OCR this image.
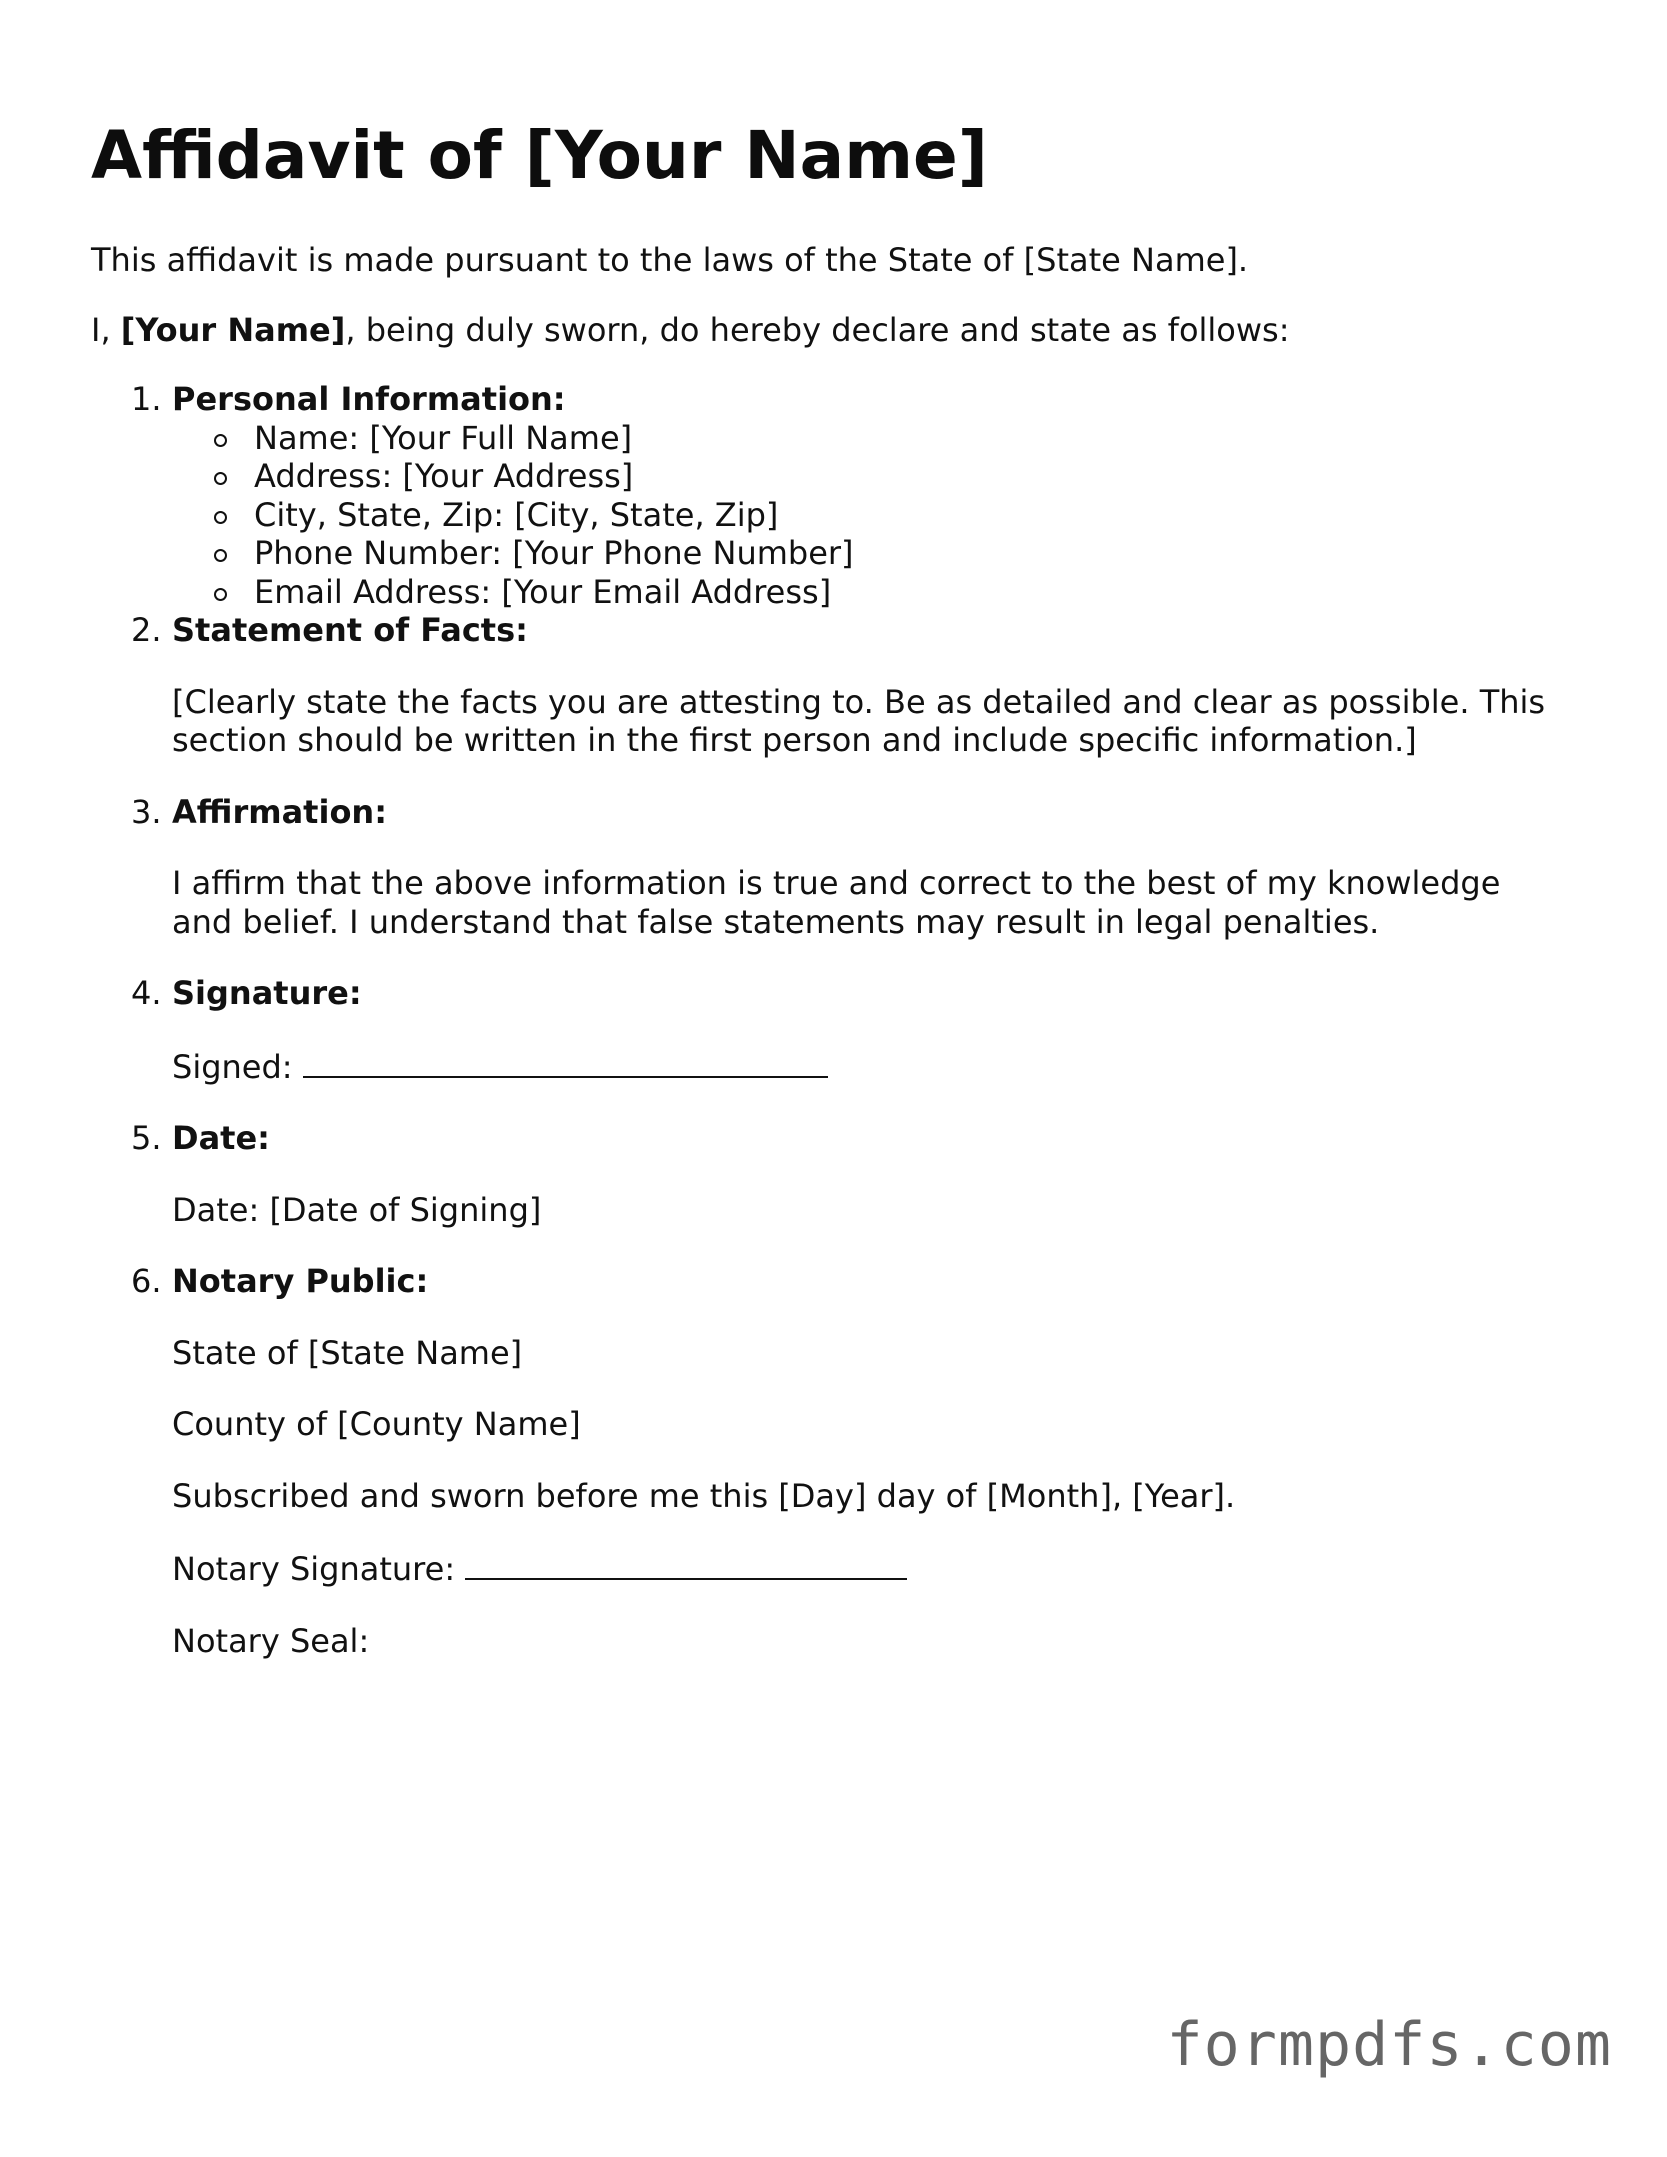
Affidavit of [Your Name]

This affidavit is made pursuant to the laws of the State of [State Name].

I, [Your Name], being duly sworn, do hereby declare and state as follows:

1. Personal Information:

Name: [Your Full Name]
Address: [Your Address]
City, State, Zip: [City, State, Zip]
Phone Number: [Your Phone Number]
Email Address: [Your Email Address]
2. Statement of Facts:

[Clearly state the facts you are attesting to. Be as detailed and clear as possible. This
section should be written in the first person and include specific information.]

3. Affirmation:

I affirm that the above information is true and correct to the best of my knowledge
and belief. I understand that false statements may result in legal penalties.

4. Signature:

Signed:

5. Date:

Date: [Date of Signing]

6. Notary Public:

State of [State Name]

County of [County Name]

Subscribed and sworn before me this [Day] day of [Month], [Year].

Notary Signature:

Notary Seal:

formpdfs.com
